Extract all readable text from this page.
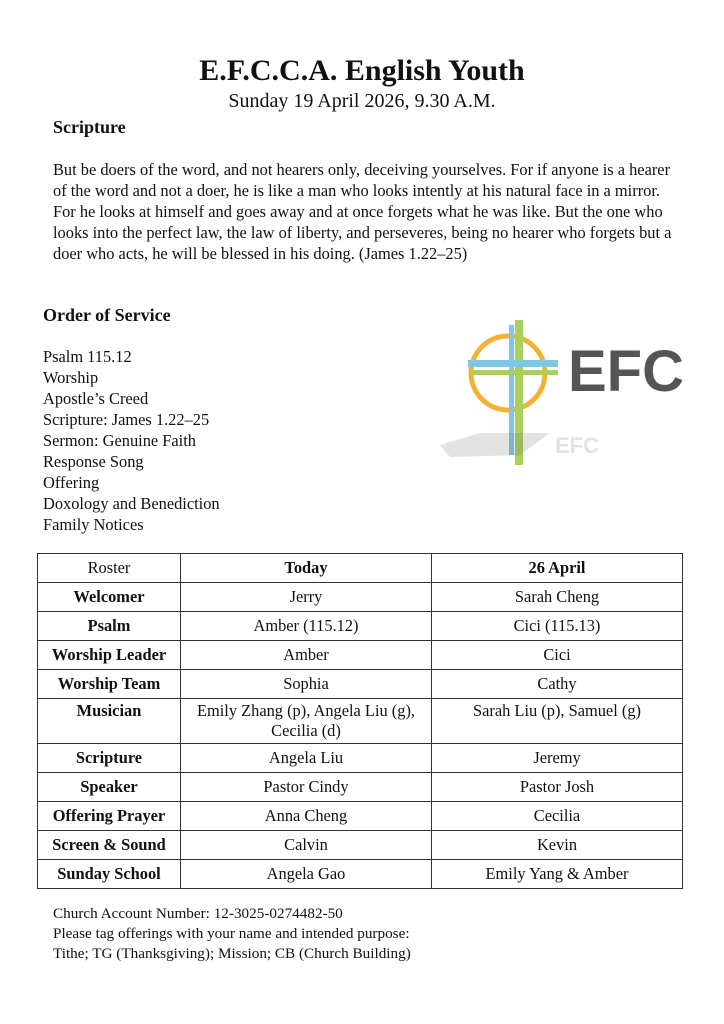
E.F.C.C.A. English Youth
Sunday 19 April 2026, 9.30 A.M.
Scripture
But be doers of the word, and not hearers only, deceiving yourselves. For if anyone is a hearer of the word and not a doer, he is like a man who looks intently at his natural face in a mirror. For he looks at himself and goes away and at once forgets what he was like. But the one who looks into the perfect law, the law of liberty, and perseveres, being no hearer who forgets but a doer who acts, he will be blessed in his doing. (James 1.22–25)
Order of Service
Psalm 115.12
Worship
Apostle’s Creed
Scripture: James 1.22–25
Sermon: Genuine Faith
Response Song
Offering
Doxology and Benediction
Family Notices
EFC
EFC
Roster	Today	26 April
Welcomer	Jerry	Sarah Cheng
Psalm	Amber (115.12)	Cici (115.13)
Worship Leader	Amber	Cici
Worship Team	Sophia	Cathy
Musician	Emily Zhang (p), Angela Liu (g), Cecilia (d)	Sarah Liu (p), Samuel (g)
Scripture	Angela Liu	Jeremy
Speaker	Pastor Cindy	Pastor Josh
Offering Prayer	Anna Cheng	Cecilia
Screen & Sound	Calvin	Kevin
Sunday School	Angela Gao	Emily Yang & Amber
Church Account Number: 12-3025-0274482-50
Please tag offerings with your name and intended purpose:
Tithe; TG (Thanksgiving); Mission; CB (Church Building)
